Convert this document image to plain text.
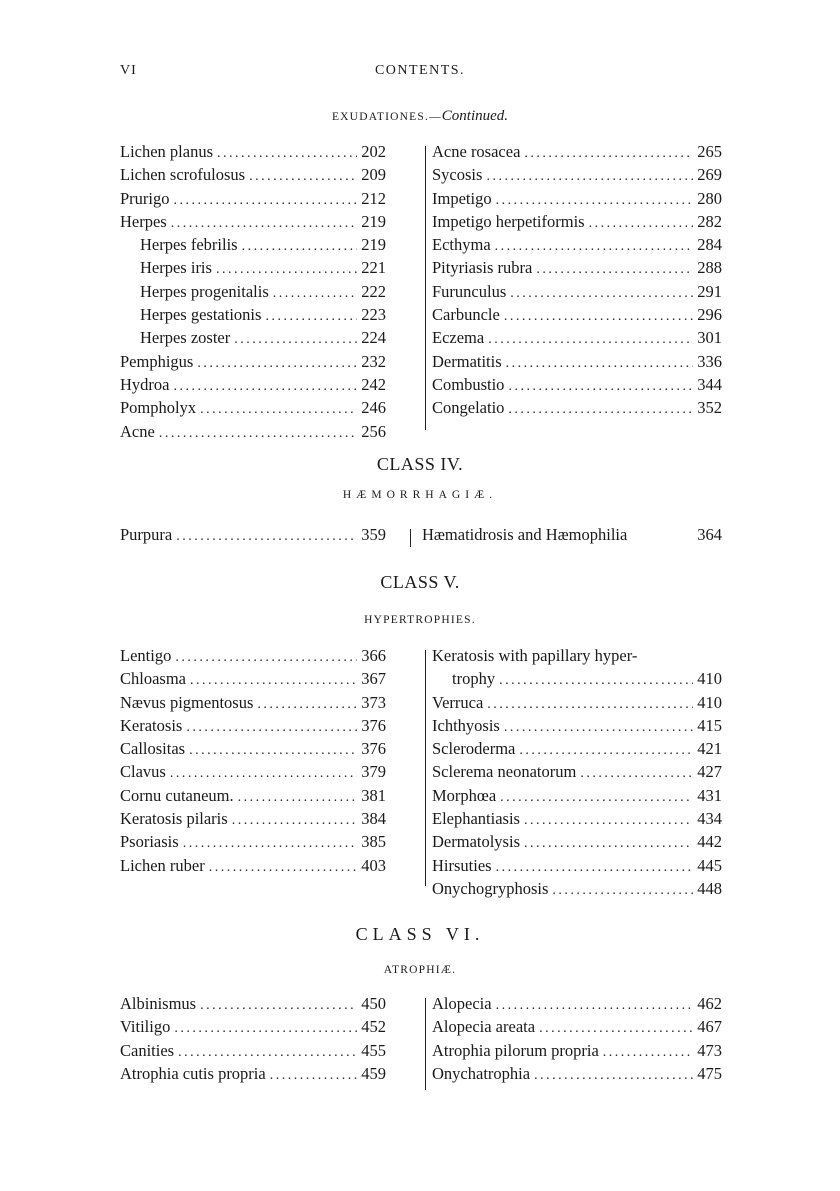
VI	CONTENTS.
EXUDATIONES.—Continued.
Lichen planus . . .	202
Lichen scrofulosus . . .	209
Prurigo . . .	212
Herpes . . .	219
Herpes febrilis . . .	219
Herpes iris . . .	221
Herpes progenitalis . . .	222
Herpes gestationis . . .	223
Herpes zoster . . .	224
Pemphigus . . .	232
Hydroa . . .	242
Pompholyx . . .	246
Acne . . .	256
Acne rosacea . . .	265
Sycosis . . .	269
Impetigo . . .	280
Impetigo herpetiformis . . .	282
Ecthyma . . .	284
Pityriasis rubra . . .	288
Furunculus . . .	291
Carbuncle . . .	296
Eczema . . .	301
Dermatitis . . .	336
Combustio . . .	344
Congelatio . . .	352
CLASS IV.
HÆMORRHAGIÆ.
Purpura . . .	359 Hæmatidrosis and Hæmophilia	364
CLASS V.
HYPERTROPHIES.
Lentigo . . .	366
Chloasma . . .	367
Nævus pigmentosus . . .	373
Keratosis . . .	376
Callositas . . .	376
Clavus . . .	379
Cornu cutaneum. . . .	381
Keratosis pilaris . . .	384
Psoriasis . . .	385
Lichen ruber . . .	403
Keratosis with papillary hyper-
trophy . . .	410
Verruca . . .	410
Ichthyosis . . .	415
Scleroderma . . .	421
Sclerema neonatorum . . .	427
Morphœa . . .	431
Elephantiasis . . .	434
Dermatolysis . . .	442
Hirsuties . . .	445
Onychogryphosis . . .	448
CLASS VI.
ATROPHIÆ.
Albinismus . . .	450
Vitiligo . . .	452
Canities . . .	455
Atrophia cutis propria . . .	459
Alopecia . . .	462
Alopecia areata . . .	467
Atrophia pilorum propria . . .	473
Onychatrophia . . .	475
